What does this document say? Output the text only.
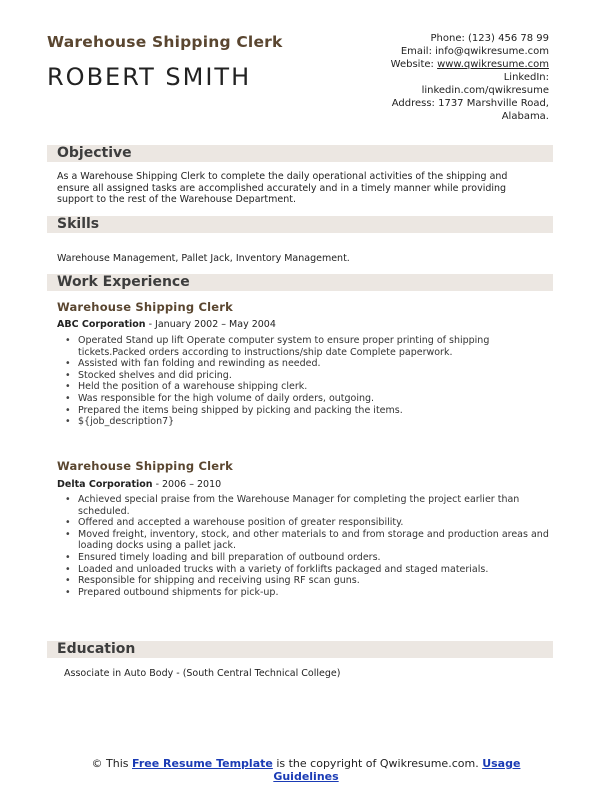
Warehouse Shipping Clerk
ROBERT SMITH
Phone: (123) 456 78 99
Email: info@qwikresume.com
Website: www.qwikresume.com
LinkedIn:
linkedin.com/qwikresume
Address: 1737 Marshville Road,
Alabama.
Objective
As a Warehouse Shipping Clerk to complete the daily operational activities of the shipping and
ensure all assigned tasks are accomplished accurately and in a timely manner while providing
support to the rest of the Warehouse Department.
Skills
Warehouse Management, Pallet Jack, Inventory Management.
Work Experience
Warehouse Shipping Clerk
ABC Corporation - January 2002 – May 2004
• Operated Stand up lift Operate computer system to ensure proper printing of shipping tickets.Packed orders according to instructions/ship date Complete paperwork.
• Assisted with fan folding and rewinding as needed.
• Stocked shelves and did pricing.
• Held the position of a warehouse shipping clerk.
• Was responsible for the high volume of daily orders, outgoing.
• Prepared the items being shipped by picking and packing the items.
• ${job_description7}
Warehouse Shipping Clerk
Delta Corporation - 2006 – 2010
• Achieved special praise from the Warehouse Manager for completing the project earlier than scheduled.
• Offered and accepted a warehouse position of greater responsibility.
• Moved freight, inventory, stock, and other materials to and from storage and production areas and loading docks using a pallet jack.
• Ensured timely loading and bill preparation of outbound orders.
• Loaded and unloaded trucks with a variety of forklifts packaged and staged materials.
• Responsible for shipping and receiving using RF scan guns.
• Prepared outbound shipments for pick-up.
Education
Associate in Auto Body - (South Central Technical College)
© This Free Resume Template is the copyright of Qwikresume.com. Usage Guidelines
